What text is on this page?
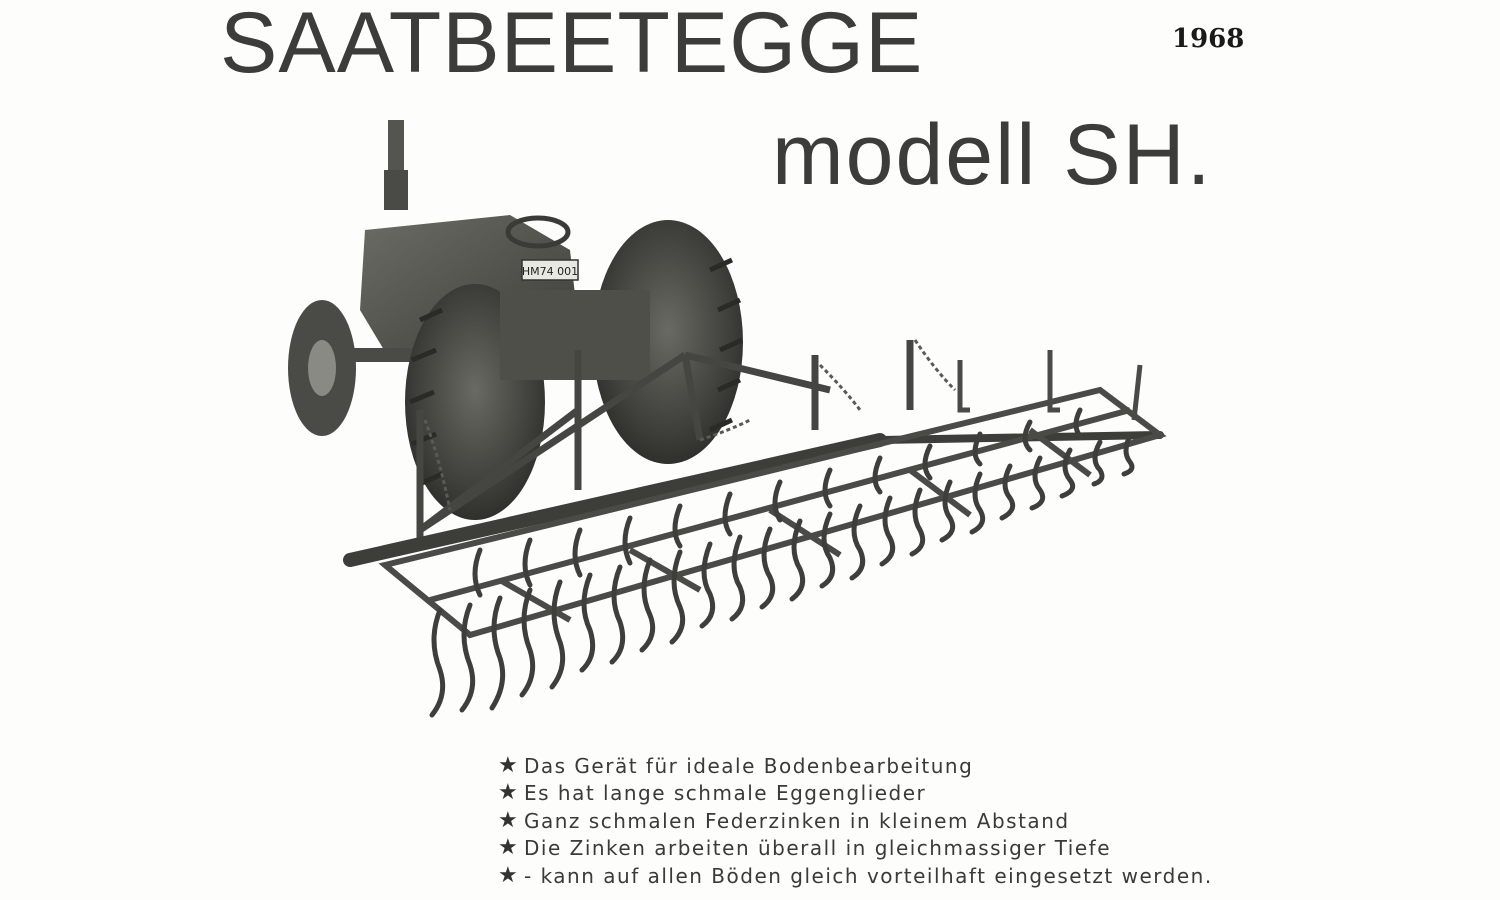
SAATBEETEGGE	1968
modell SH.
HM74 001
★ Das Gerät für ideale Bodenbearbeitung
★ Es hat lange schmale Eggenglieder
★ Ganz schmalen Federzinken in kleinem Abstand
★ Die Zinken arbeiten überall in gleichmassiger Tiefe
★ - kann auf allen Böden gleich vorteilhaft eingesetzt werden.
